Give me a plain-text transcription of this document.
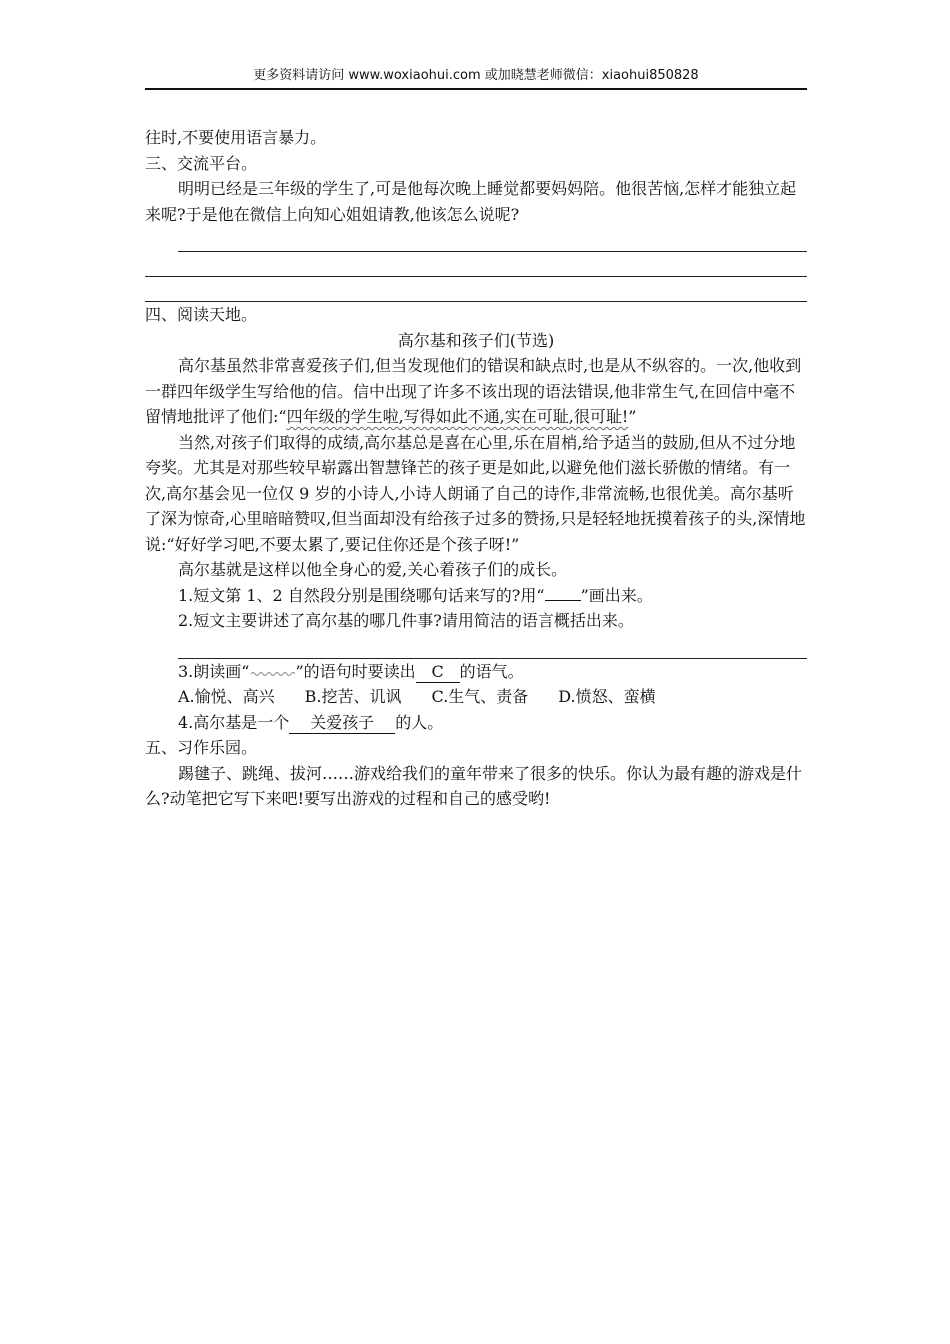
更多资料请访问 www.woxiaohui.com 或加晓慧老师微信：xiaohui850828

往时,不要使用语言暴力。

三、交流平台。

明明已经是三年级的学生了,可是他每次晚上睡觉都要妈妈陪。他很苦恼,怎样才能独立起来呢?于是他在微信上向知心姐姐请教,他该怎么说呢?

四、阅读天地。

高尔基和孩子们(节选)

高尔基虽然非常喜爱孩子们,但当发现他们的错误和缺点时,也是从不纵容的。一次,他收到一群四年级学生写给他的信。信中出现了许多不该出现的语法错误,他非常生气,在回信中毫不留情地批评了他们:“四年级的学生啦,写得如此不通,实在可耻,很可耻!”

当然,对孩子们取得的成绩,高尔基总是喜在心里,乐在眉梢,给予适当的鼓励,但从不过分地夸奖。尤其是对那些较早崭露出智慧锋芒的孩子更是如此,以避免他们滋长骄傲的情绪。有一次,高尔基会见一位仅 9 岁的小诗人,小诗人朗诵了自己的诗作,非常流畅,也很优美。高尔基听了深为惊奇,心里暗暗赞叹,但当面却没有给孩子过多的赞扬,只是轻轻地抚摸着孩子的头,深情地说:“好好学习吧,不要太累了,要记住你还是个孩子呀!”

高尔基就是这样以他全身心的爱,关心着孩子们的成长。

1.短文第 1、2 自然段分别是围绕哪句话来写的?用“ ”画出来。

2.短文主要讲述了高尔基的哪几件事?请用简洁的语言概括出来。

3.朗读画“	”的语句时要读出 C 的语气。

A.愉悦、高兴 B.挖苦、讥讽 C.生气、责备 D.愤怒、蛮横

4.高尔基是一个 关爱孩子 的人。

五、习作乐园。

踢毽子、跳绳、拔河……游戏给我们的童年带来了很多的快乐。你认为最有趣的游戏是什么?动笔把它写下来吧!要写出游戏的过程和自己的感受哟!
